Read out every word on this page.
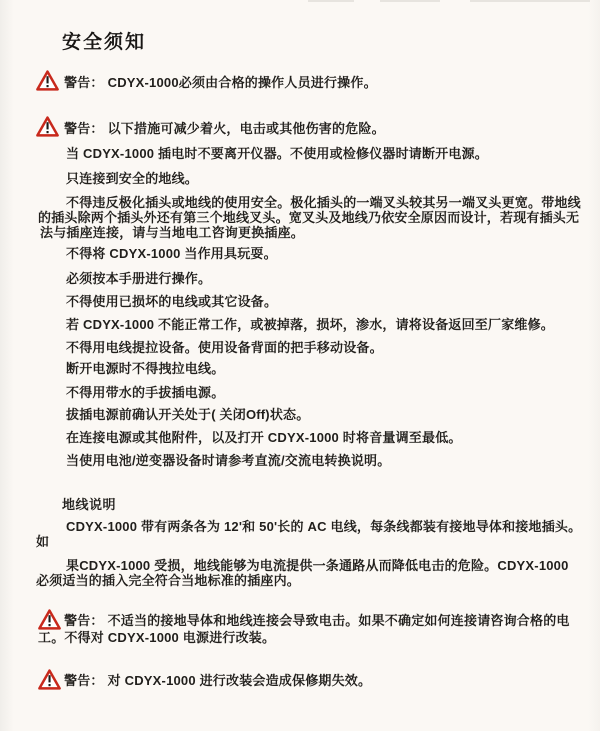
安全须知
警告： CDYX-1000必须由合格的操作人员进行操作。
警告： 以下措施可减少着火，电击或其他伤害的危险。
当 CDYX-1000 插电时不要离开仪器。不使用或检修仪器时请断开电源。
只连接到安全的地线。
不得违反极化插头或地线的使用安全。极化插头的一端叉头较其另一端叉头更宽。带地线
的插头除两个插头外还有第三个地线叉头。宽叉头及地线乃依安全原因而设计，若现有插头无
法与插座连接，请与当地电工咨询更换插座。
不得将 CDYX-1000 当作用具玩耍。
必须按本手册进行操作。
不得使用已损坏的电线或其它设备。
若 CDYX-1000 不能正常工作，或被掉落，损坏，渗水，请将设备返回至厂家维修。
不得用电线提拉设备。使用设备背面的把手移动设备。
断开电源时不得拽拉电线。
不得用带水的手拔插电源。
拔插电源前确认开关处于( 关闭Off)状态。
在连接电源或其他附件，以及打开 CDYX-1000 时将音量调至最低。
当使用电池/逆变器设备时请参考直流/交流电转换说明。
地线说明
CDYX-1000 带有两条各为 12'和 50'长的 AC 电线，每条线都装有接地导体和接地插头。
如
果CDYX-1000 受损，地线能够为电流提供一条通路从而降低电击的危险。CDYX-1000
必须适当的插入完全符合当地标准的插座内。
警告： 不适当的接地导体和地线连接会导致电击。如果不确定如何连接请咨询合格的电
工。不得对 CDYX-1000 电源进行改装。
警告： 对 CDYX-1000 进行改装会造成保修期失效。
